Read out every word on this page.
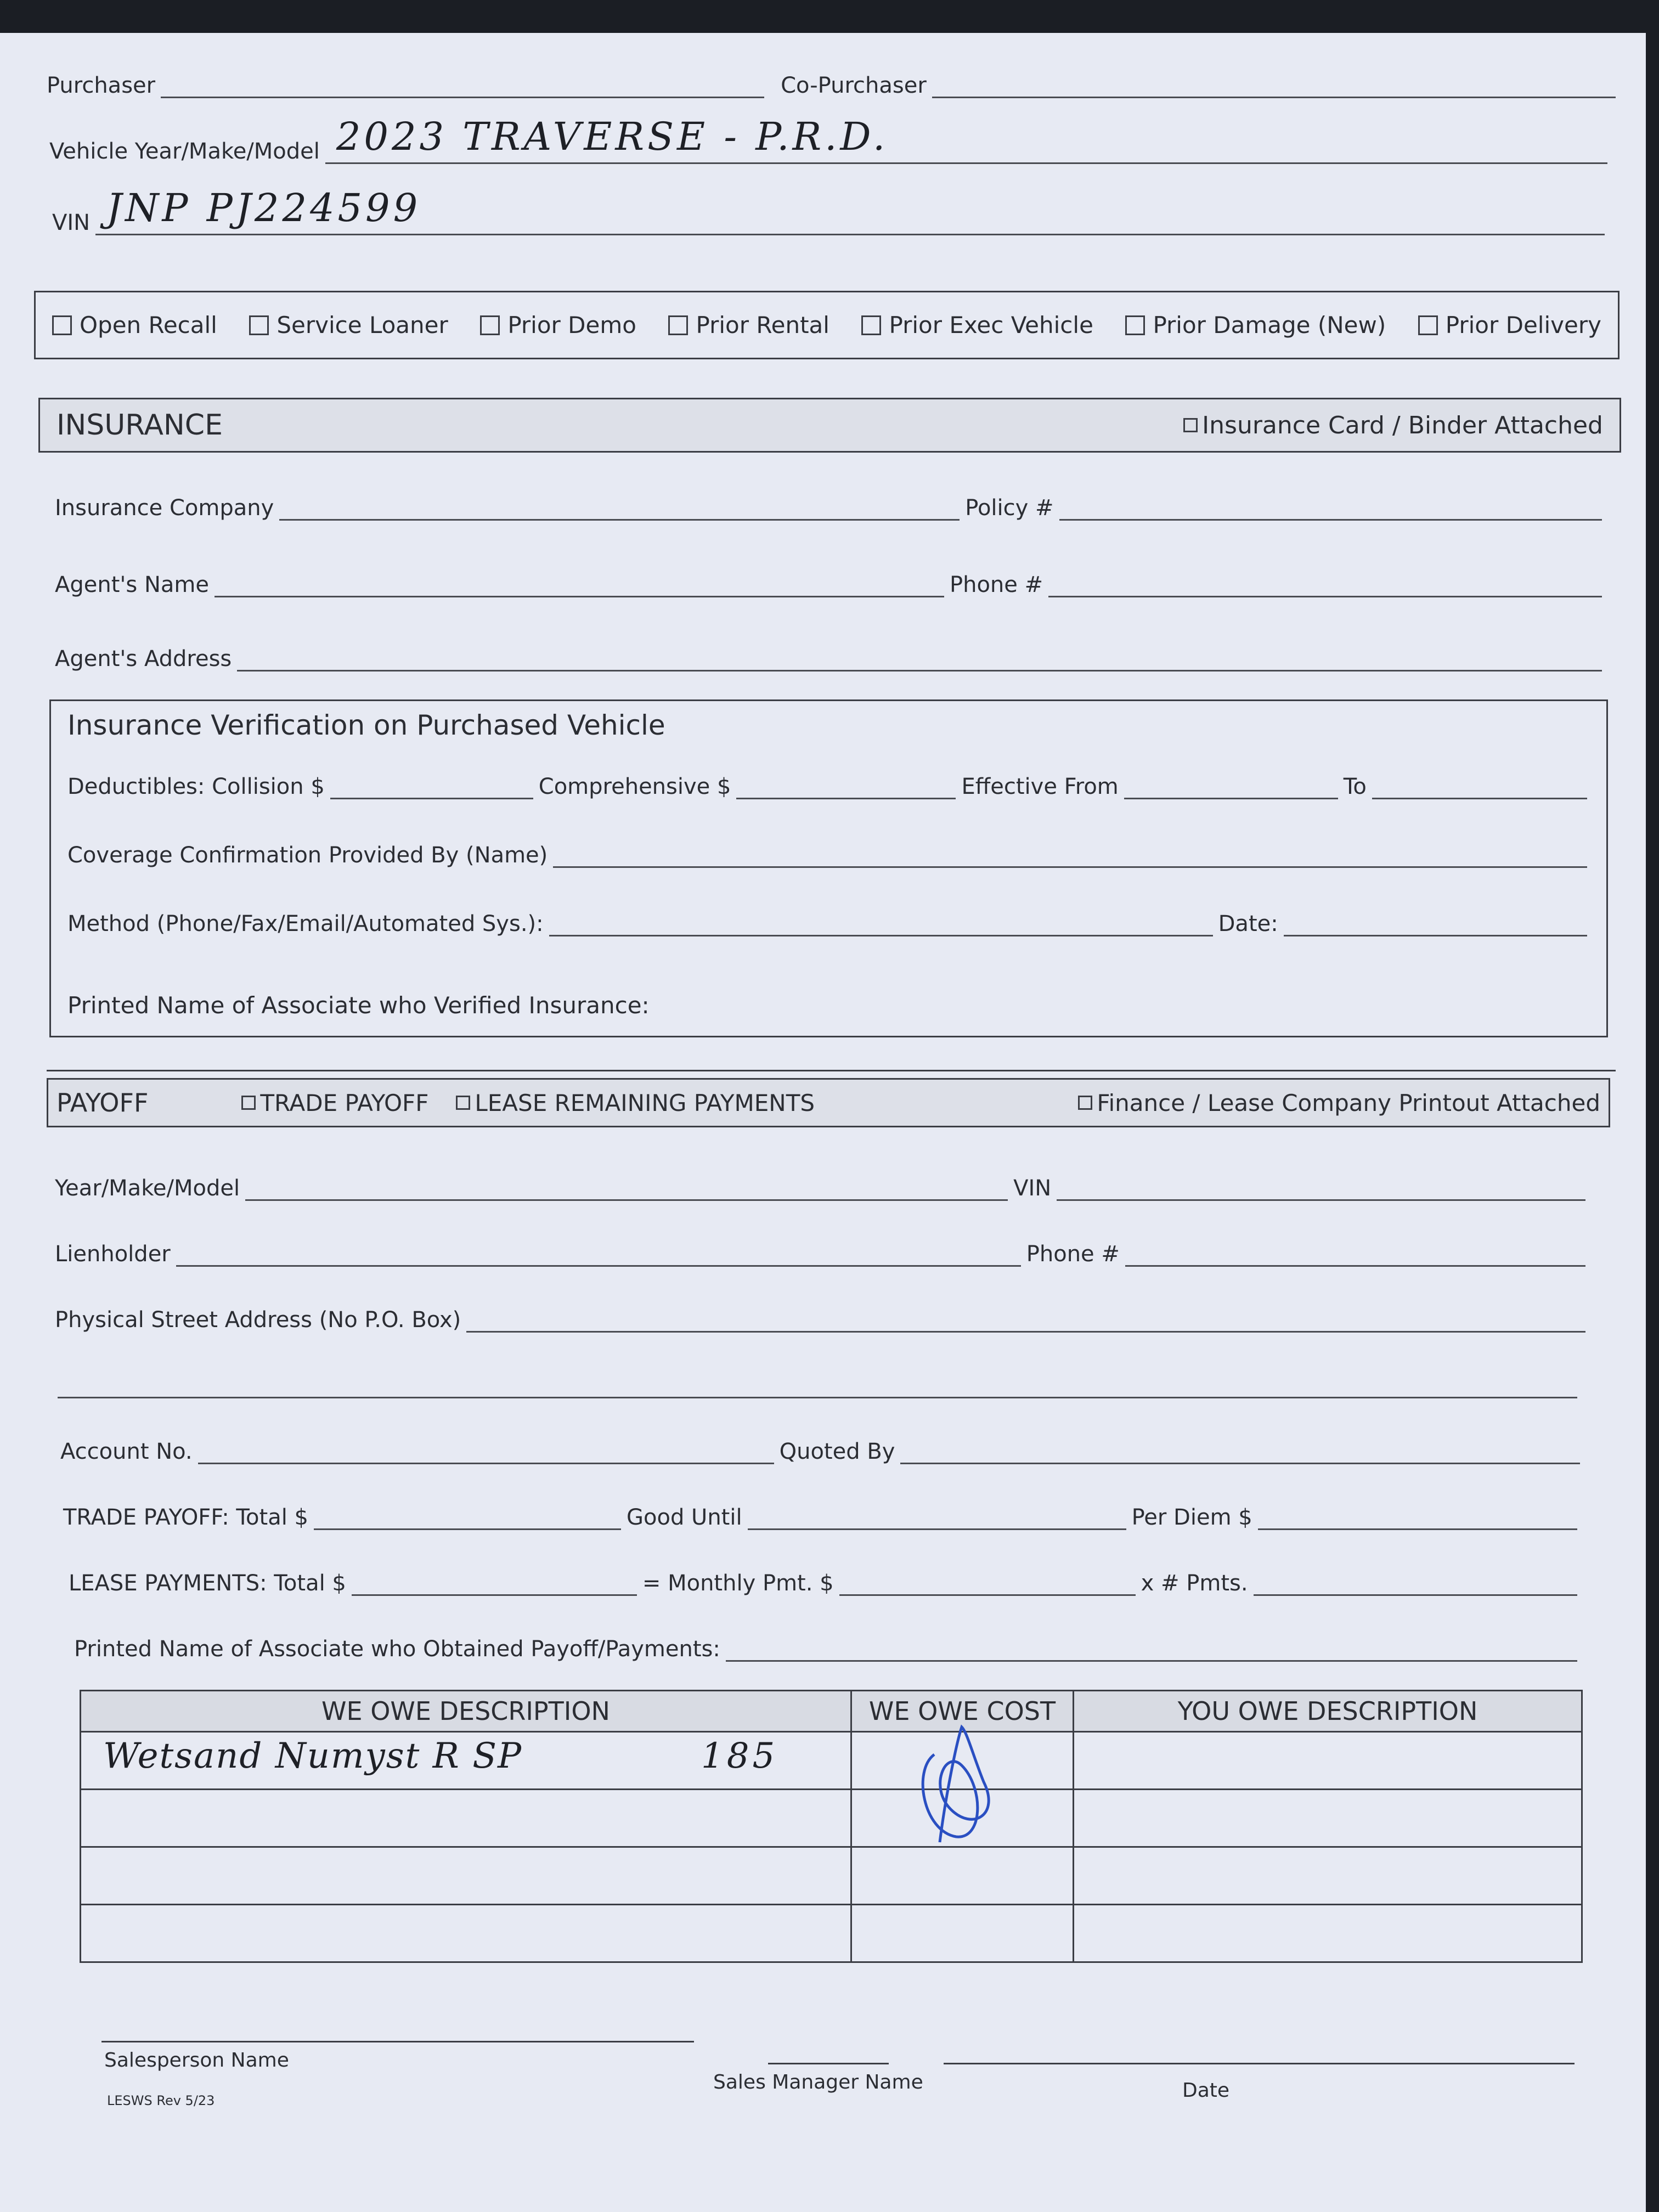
Purchaser	Co-Purchaser
Vehicle Year/Make/Model 2023 TRAVERSE - P.R.D.
VIN JNP PJ224599
Open Recall	Service Loaner	Prior Demo	Prior Rental	Prior Exec Vehicle	Prior Damage (New)	Prior Delivery
INSURANCE	Insurance Card / Binder Attached
Insurance Company	Policy #
Agent's Name	Phone #
Agent's Address
Insurance Verification on Purchased Vehicle
Deductibles: Collision $	Comprehensive $	Effective From	To
Coverage Confirmation Provided By (Name)
Method (Phone/Fax/Email/Automated Sys.):	Date:
Printed Name of Associate who Verified Insurance:
PAYOFF	TRADE PAYOFF LEASE REMAINING PAYMENTS	Finance / Lease Company Printout Attached
Year/Make/Model	VIN
Lienholder	Phone #
Physical Street Address (No P.O. Box)
Account No.	Quoted By
TRADE PAYOFF: Total $	Good Until	Per Diem $
LEASE PAYMENTS: Total $	= Monthly Pmt. $	x # Pmts.
Printed Name of Associate who Obtained Payoff/Payments:
WE OWE DESCRIPTION	WE OWE COST	YOU OWE DESCRIPTION

Wetsand Numyst R SP 185

Salesperson Name
Sales Manager Name	Date
LESWS Rev 5/23
